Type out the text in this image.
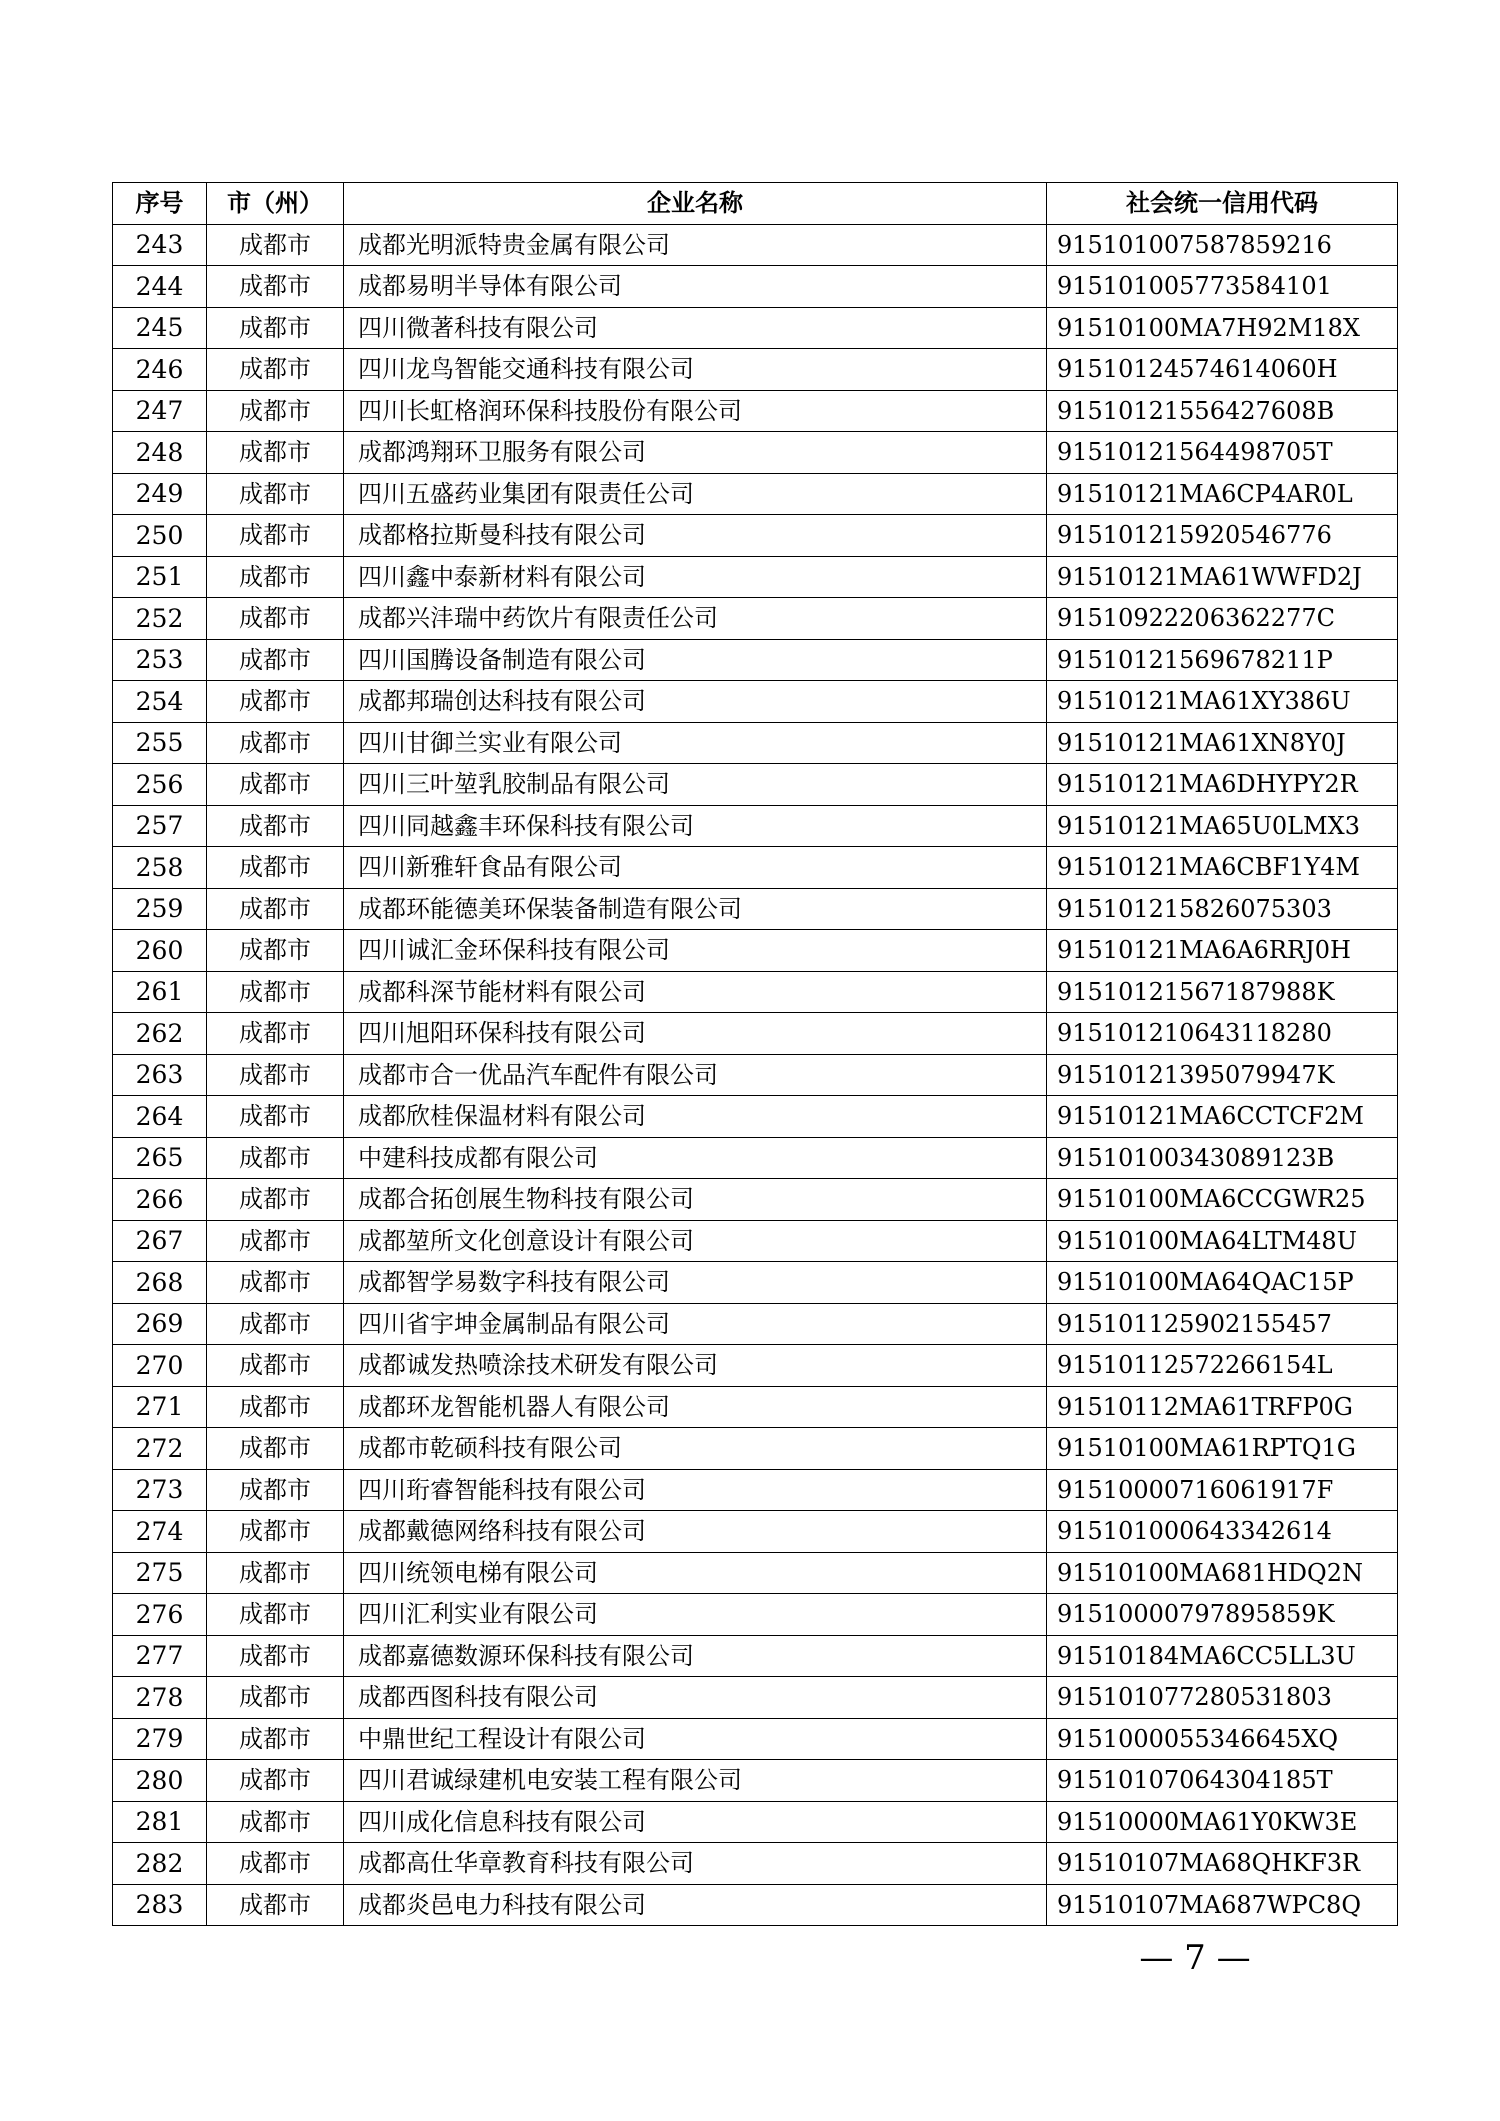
序号	市（州）	企业名称	社会统一信用代码
243	成都市	成都光明派特贵金属有限公司	915101007587859216
244	成都市	成都易明半导体有限公司	915101005773584101
245	成都市	四川微著科技有限公司	91510100MA7H92M18X
246	成都市	四川龙鸟智能交通科技有限公司	91510124574614060H
247	成都市	四川长虹格润环保科技股份有限公司	91510121556427608B
248	成都市	成都鸿翔环卫服务有限公司	91510121564498705T
249	成都市	四川五盛药业集团有限责任公司	91510121MA6CP4AR0L
250	成都市	成都格拉斯曼科技有限公司	915101215920546776
251	成都市	四川鑫中泰新材料有限公司	91510121MA61WWFD2J
252	成都市	成都兴沣瑞中药饮片有限责任公司	91510922206362277C
253	成都市	四川国腾设备制造有限公司	91510121569678211P
254	成都市	成都邦瑞创达科技有限公司	91510121MA61XY386U
255	成都市	四川甘御兰实业有限公司	91510121MA61XN8Y0J
256	成都市	四川三叶堃乳胶制品有限公司	91510121MA6DHYPY2R
257	成都市	四川同越鑫丰环保科技有限公司	91510121MA65U0LMX3
258	成都市	四川新雅轩食品有限公司	91510121MA6CBF1Y4M
259	成都市	成都环能德美环保装备制造有限公司	915101215826075303
260	成都市	四川诚汇金环保科技有限公司	91510121MA6A6RRJ0H
261	成都市	成都科深节能材料有限公司	91510121567187988K
262	成都市	四川旭阳环保科技有限公司	915101210643118280
263	成都市	成都市合一优品汽车配件有限公司	91510121395079947K
264	成都市	成都欣桂保温材料有限公司	91510121MA6CCTCF2M
265	成都市	中建科技成都有限公司	91510100343089123B
266	成都市	成都合拓创展生物科技有限公司	91510100MA6CCGWR25
267	成都市	成都堃所文化创意设计有限公司	91510100MA64LTM48U
268	成都市	成都智学易数字科技有限公司	91510100MA64QAC15P
269	成都市	四川省宇坤金属制品有限公司	915101125902155457
270	成都市	成都诚发热喷涂技术研发有限公司	91510112572266154L
271	成都市	成都环龙智能机器人有限公司	91510112MA61TRFP0G
272	成都市	成都市乾硕科技有限公司	91510100MA61RPTQ1G
273	成都市	四川珩睿智能科技有限公司	91510000716061917F
274	成都市	成都戴德网络科技有限公司	915101000643342614
275	成都市	四川统领电梯有限公司	91510100MA681HDQ2N
276	成都市	四川汇利实业有限公司	91510000797895859K
277	成都市	成都嘉德数源环保科技有限公司	91510184MA6CC5LL3U
278	成都市	成都西图科技有限公司	915101077280531803
279	成都市	中鼎世纪工程设计有限公司	9151000055346645XQ
280	成都市	四川君诚绿建机电安装工程有限公司	91510107064304185T
281	成都市	四川成化信息科技有限公司	91510000MA61Y0KW3E
282	成都市	成都高仕华章教育科技有限公司	91510107MA68QHKF3R
283	成都市	成都炎邑电力科技有限公司	91510107MA687WPC8Q
— 7 —
